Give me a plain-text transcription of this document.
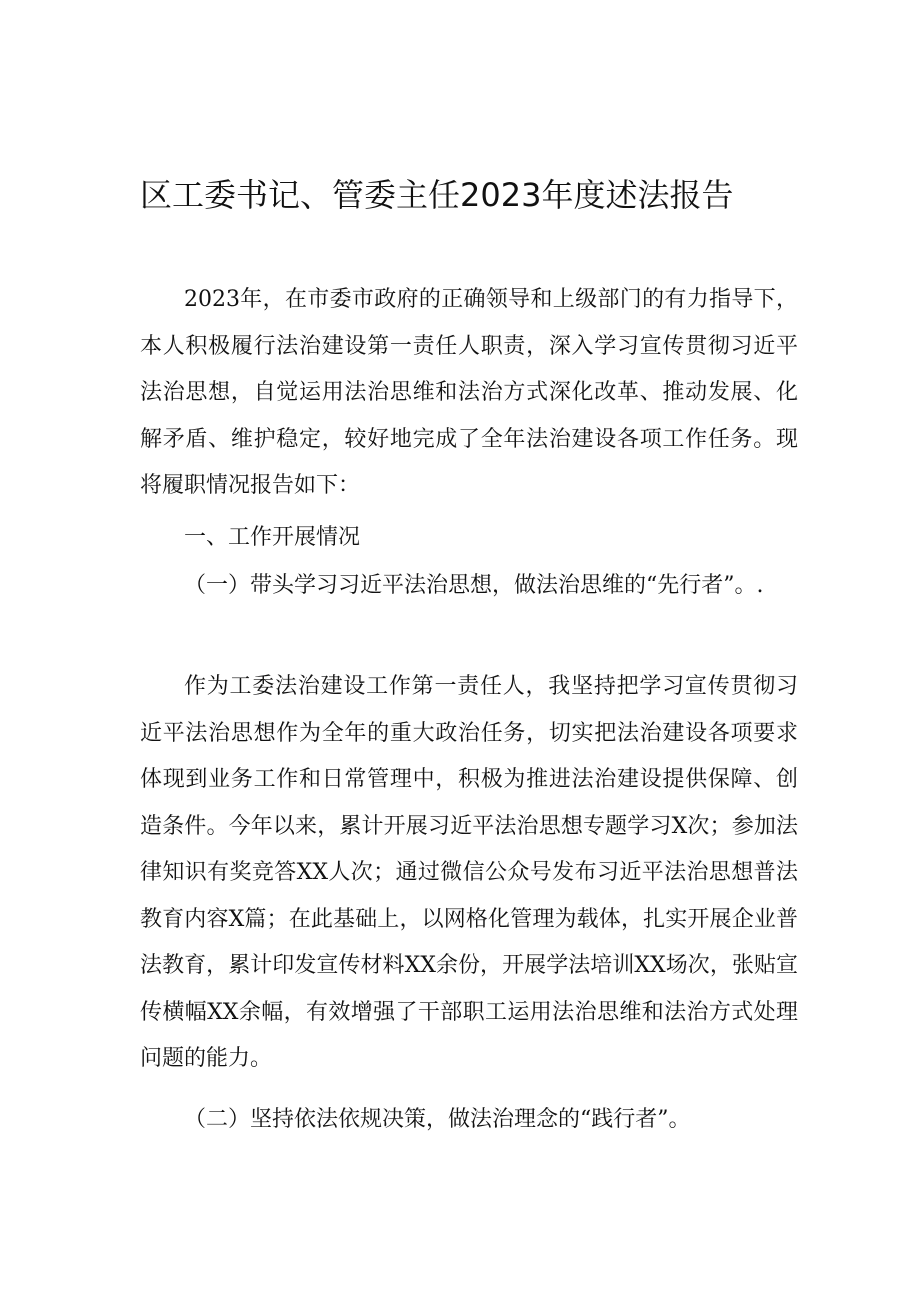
区工委书记、管委主任2023年度述法报告

2023年，在市委市政府的正确领导和上级部门的有力指导下，本人积极履行法治建设第一责任人职责，深入学习宣传贯彻习近平法治思想，自觉运用法治思维和法治方式深化改革、推动发展、化解矛盾、维护稳定，较好地完成了全年法治建设各项工作任务。现将履职情况报告如下：

一、工作开展情况

（一）带头学习习近平法治思想，做法治思维的“先行者”。.

作为工委法治建设工作第一责任人，我坚持把学习宣传贯彻习近平法治思想作为全年的重大政治任务，切实把法治建设各项要求体现到业务工作和日常管理中，积极为推进法治建设提供保障、创造条件。今年以来，累计开展习近平法治思想专题学习X次；参加法律知识有奖竞答XX人次；通过微信公众号发布习近平法治思想普法教育内容X篇；在此基础上，以网格化管理为载体，扎实开展企业普法教育，累计印发宣传材料XX余份，开展学法培训XX场次，张贴宣传横幅XX余幅，有效增强了干部职工运用法治思维和法治方式处理问题的能力。

（二）坚持依法依规决策，做法治理念的“践行者”。
